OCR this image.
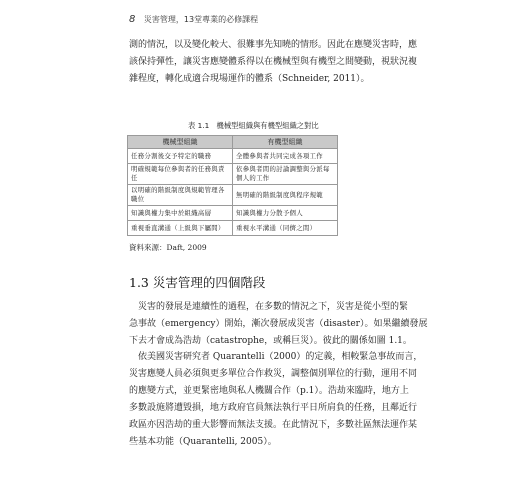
8 災害管理，13堂專業的必修課程
測的情況，以及變化較大、很難事先知曉的情形。因此在應變災害時，應
該保持彈性，讓災害應變體系得以在機械型與有機型之間變動，視狀況複
雜程度，轉化成適合現場運作的體系（Schneider, 2011）。
表 1.1　機械型組織與有機型組織之對比
機械型組織	有機型組織
任務分割後交予特定的職務	全體參與者共同完成各項工作
明確規範每位參與者的任務與責任	依參與者間的討論調整與分派每個人的工作
以明確的階級制度與規範管理各職位	無明確的階級制度與程序規範
知識與權力集中於組織高層	知識與權力分散予個人
重視垂直溝通（上級與下屬間）	重視水平溝通（同儕之間）
資料來源：Daft, 2009
1.3 災害管理的四個階段
　災害的發展是連續性的過程，在多數的情況之下，災害是從小型的緊
急事故（emergency）開始，漸次發展成災害（disaster）。如果繼續發展
下去才會成為浩劫（catastrophe，或稱巨災）。彼此的關係如圖 1.1。
　依美國災害研究者 Quarantelli（2000）的定義，相較緊急事故而言，
災害應變人員必須與更多單位合作救災，調整個別單位的行動，運用不同
的應變方式，並更緊密地與私人機關合作（p.1）。浩劫來臨時，地方上
多數設施將遭毀損，地方政府官員無法執行平日所肩負的任務，且鄰近行
政區亦因浩劫的重大影響而無法支援。在此情況下，多數社區無法運作某
些基本功能（Quarantelli, 2005）。
